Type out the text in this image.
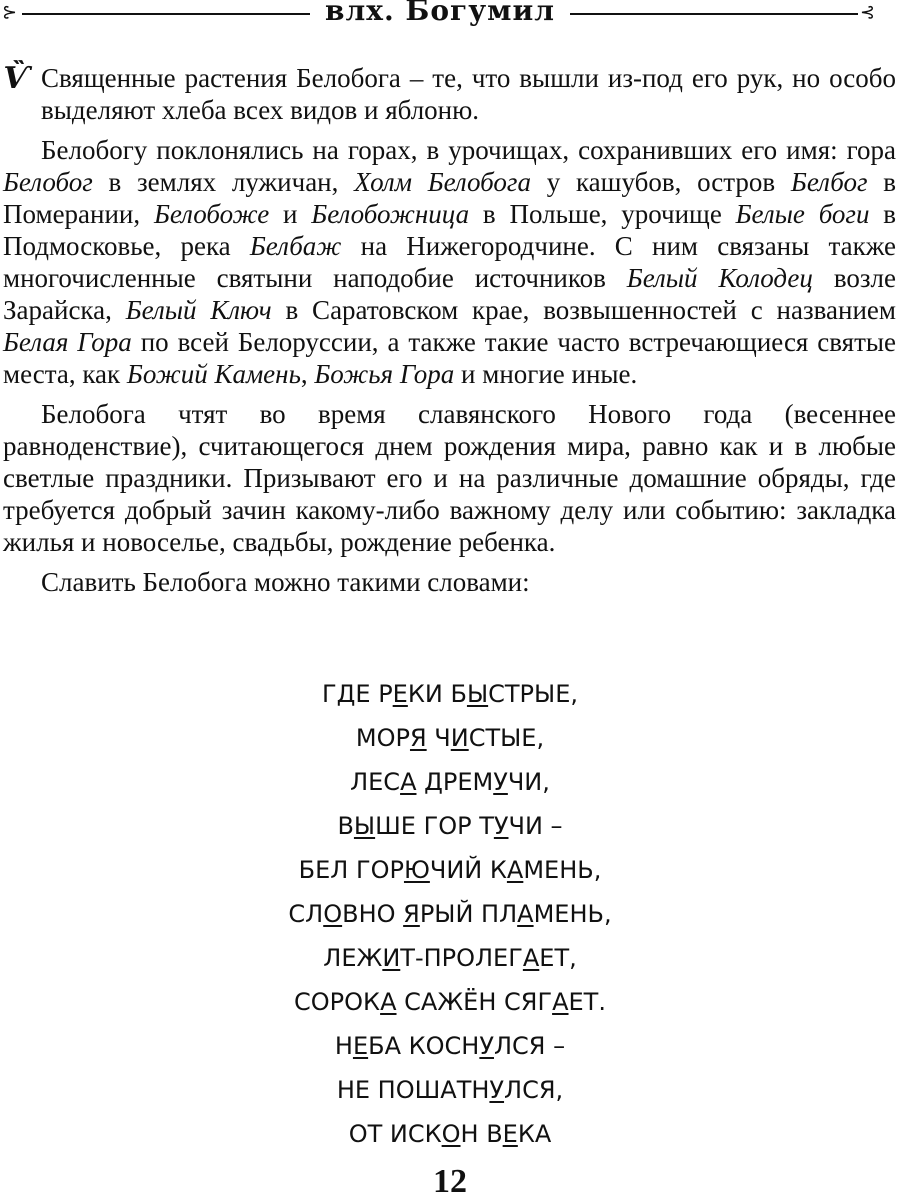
⊱	влх. Богумил	⊰

Ѷ Священные растения Белобога – те, что вышли из-под его рук, но особо выделяют хлеба всех видов и яблоню.

Белобогу поклонялись на горах, в урочищах, сохранивших его имя: гора Белобог в землях лужичан, Холм Белобога у кашубов, остров Белбог в Померании, Белобоже и Белобожница в Польше, урочище Белые боги в Подмосковье, река Белбаж на Нижегородчине. С ним связаны также многочисленные святыни наподобие источников Белый Колодец возле Зарайска, Белый Ключ в Саратовском крае, возвышенностей с названием Белая Гора по всей Белоруссии, а также такие часто встречающиеся святые места, как Божий Камень, Божья Гора и многие иные.

Белобога чтят во время славянского Нового года (весеннее равноденствие), считающегося днем рождения мира, равно как и в любые светлые праздники. Призывают его и на различные домашние обряды, где требуется добрый зачин какому-либо важному делу или событию: закладка жилья и новоселье, свадьбы, рождение ребенка.

Славить Белобога можно такими словами:

ГДЕ РЕКИ БЫСТРЫЕ,
МОРЯ ЧИСТЫЕ,
ЛЕСА ДРЕМУЧИ,
ВЫШЕ ГОР ТУЧИ –
БЕЛ ГОРЮЧИЙ КАМЕНЬ,
СЛОВНО ЯРЫЙ ПЛАМЕНЬ,
ЛЕЖИТ-ПРОЛЕГАЕТ,
СОРОКА САЖЁН СЯГАЕТ.
НЕБА КОСНУЛСЯ –
НЕ ПОШАТНУЛСЯ,
ОТ ИСКОН ВЕКА
12
